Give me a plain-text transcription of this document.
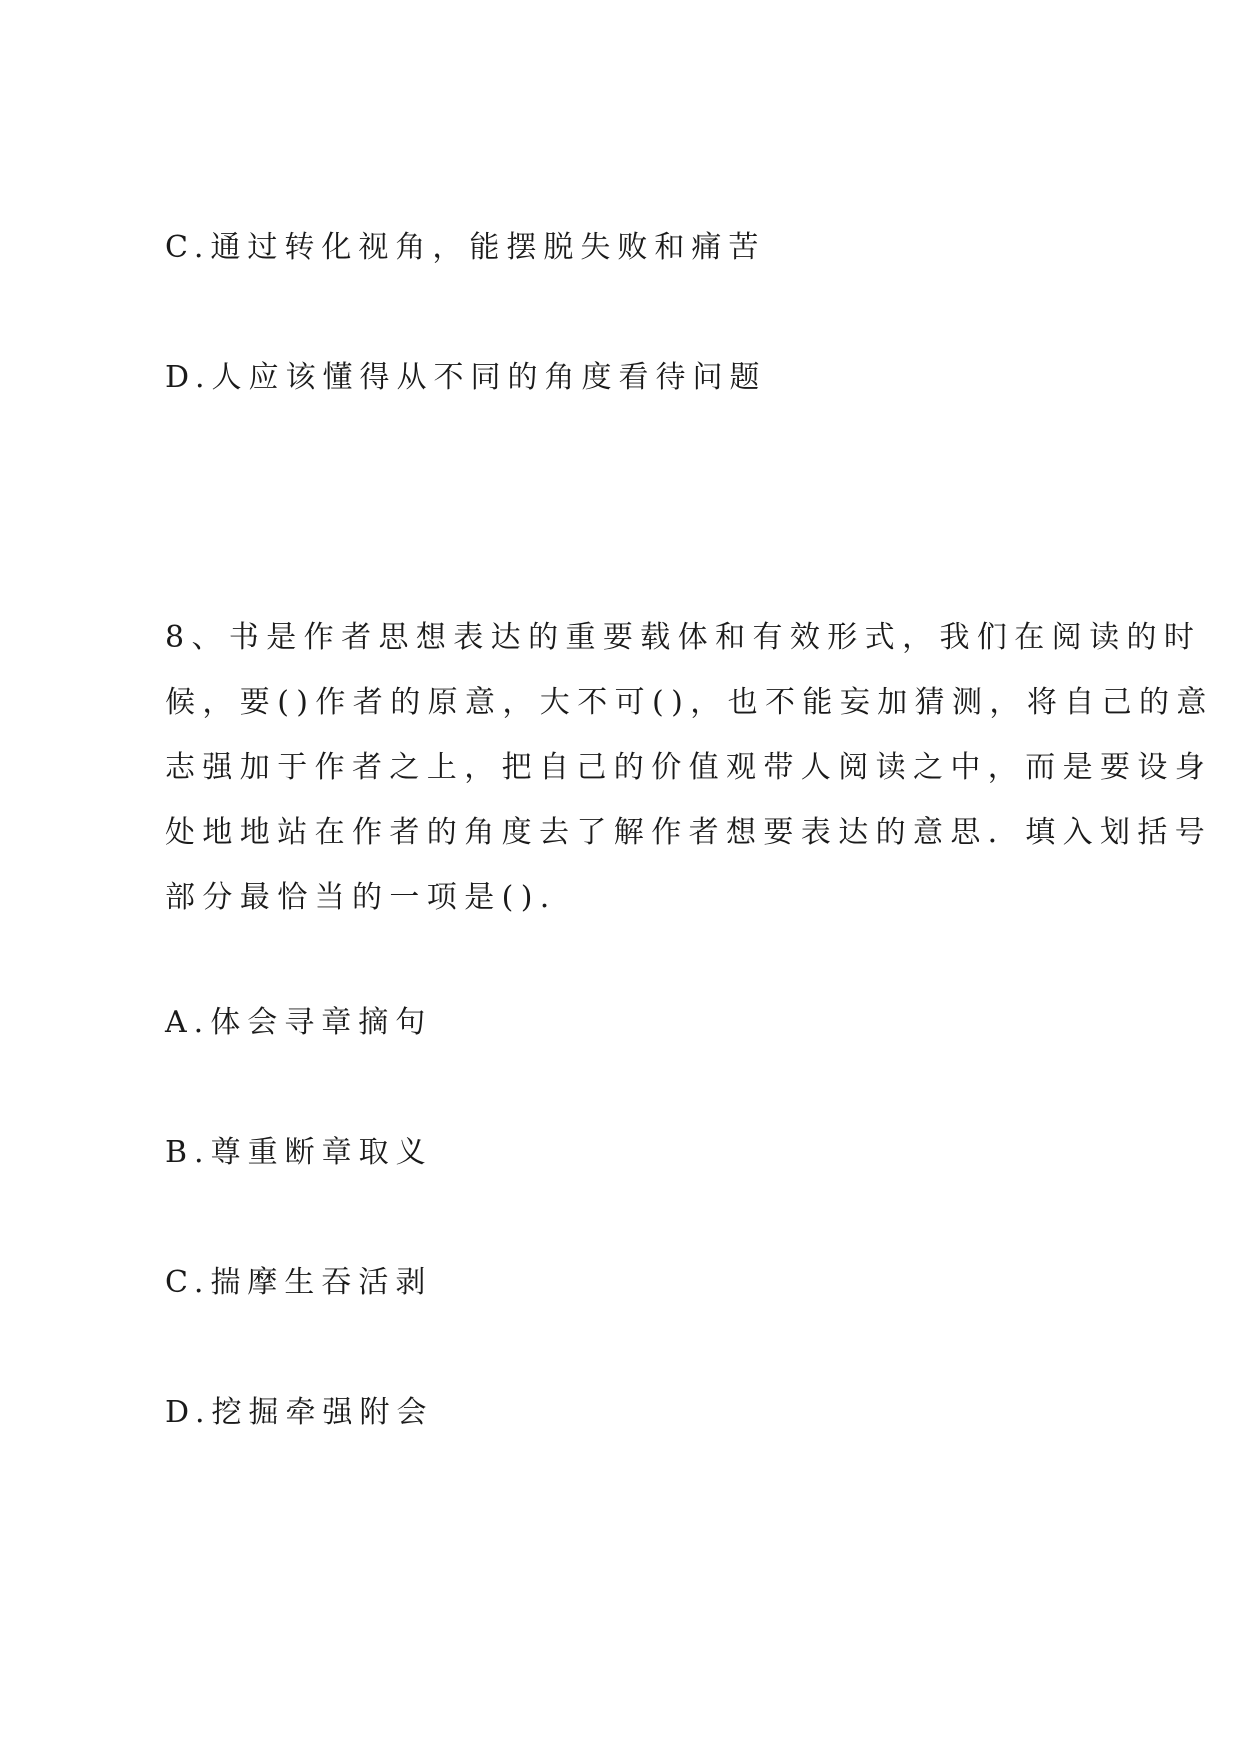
C.通过转化视角，能摆脱失败和痛苦
D.人应该懂得从不同的角度看待问题
8、书是作者思想表达的重要载体和有效形式，我们在阅读的时
候，要()作者的原意，大不可()，也不能妄加猜测，将自己的意
志强加于作者之上，把自己的价值观带人阅读之中，而是要设身
处地地站在作者的角度去了解作者想要表达的意思．填入划括号
部分最恰当的一项是().
A.体会寻章摘句
B.尊重断章取义
C.揣摩生吞活剥
D.挖掘牵强附会
